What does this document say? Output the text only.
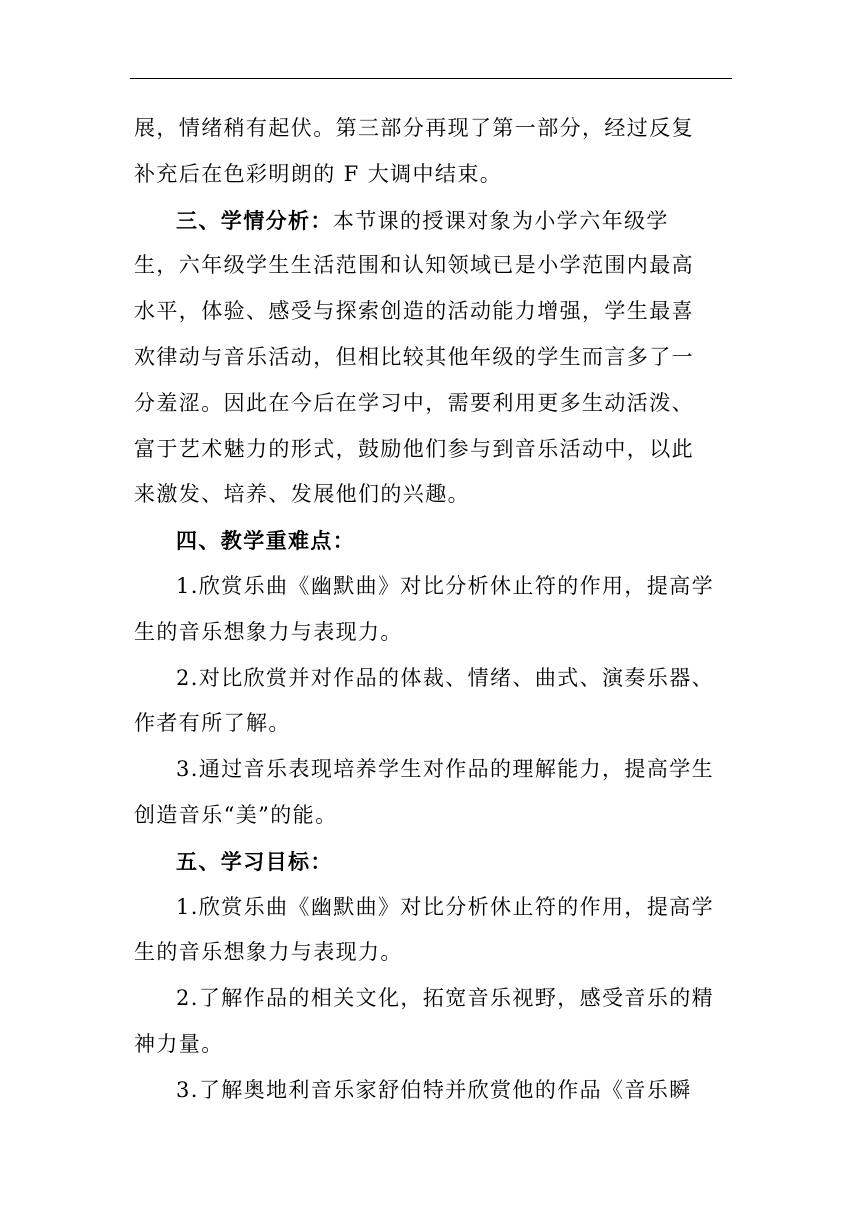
展，情绪稍有起伏。第三部分再现了第一部分，经过反复
补充后在色彩明朗的 F 大调中结束。
三、学情分析：本节课的授课对象为小学六年级学
生，六年级学生生活范围和认知领域已是小学范围内最高
水平，体验、感受与探索创造的活动能力增强，学生最喜
欢律动与音乐活动，但相比较其他年级的学生而言多了一
分羞涩。因此在今后在学习中，需要利用更多生动活泼、
富于艺术魅力的形式，鼓励他们参与到音乐活动中，以此
来激发、培养、发展他们的兴趣。
四、教学重难点：
1.欣赏乐曲《幽默曲》对比分析休止符的作用，提高学
生的音乐想象力与表现力。
2.对比欣赏并对作品的体裁、情绪、曲式、演奏乐器、
作者有所了解。
3.通过音乐表现培养学生对作品的理解能力，提高学生
创造音乐“美”的能。
五、学习目标：
1.欣赏乐曲《幽默曲》对比分析休止符的作用，提高学
生的音乐想象力与表现力。
2.了解作品的相关文化，拓宽音乐视野，感受音乐的精
神力量。
3.了解奥地利音乐家舒伯特并欣赏他的作品《音乐瞬
